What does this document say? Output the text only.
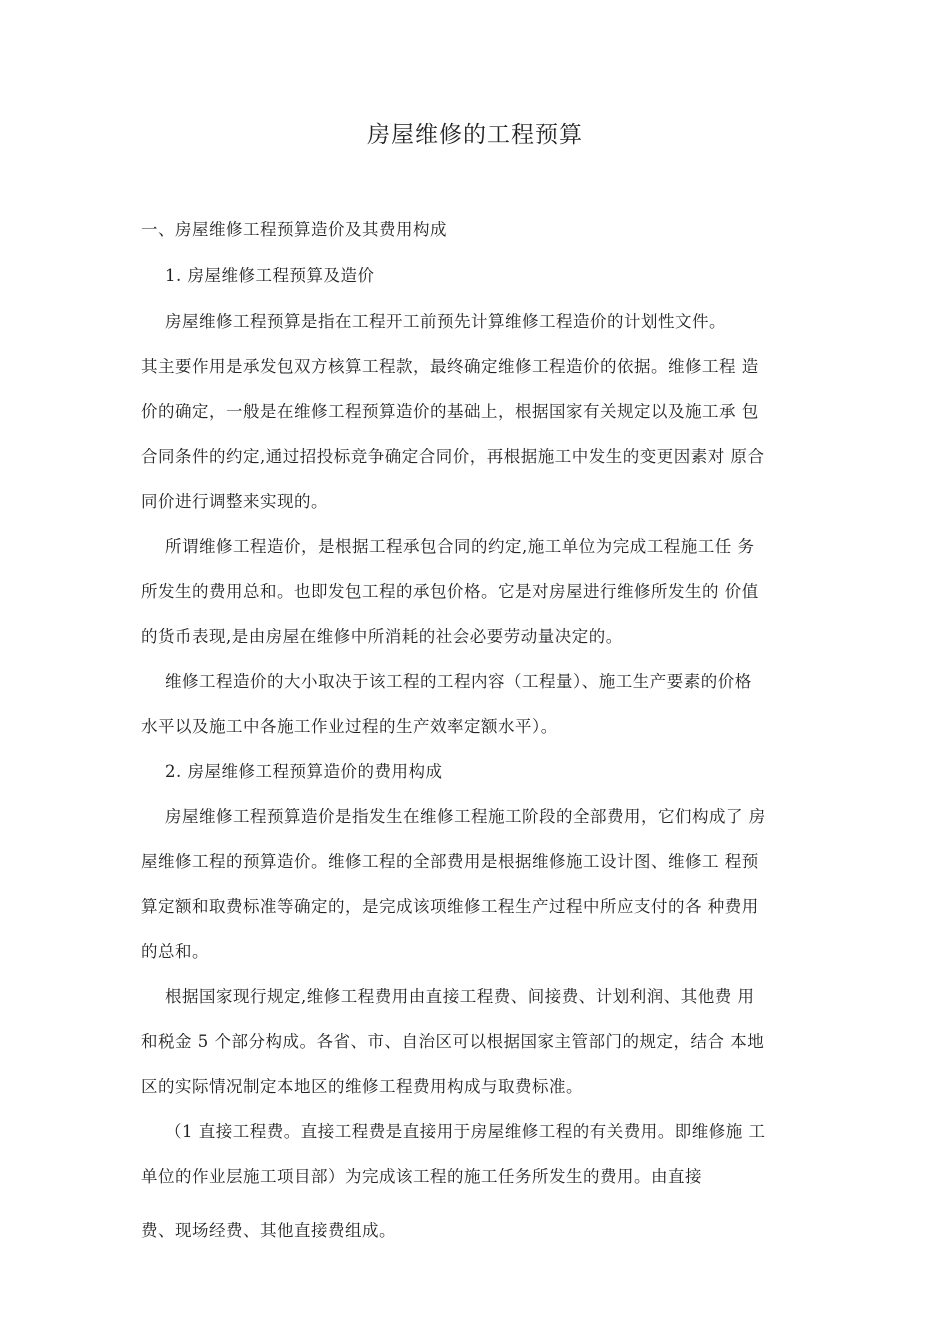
房屋维修的工程预算
一、房屋维修工程预算造价及其费用构成
1. 房屋维修工程预算及造价
房屋维修工程预算是指在工程开工前预先计算维修工程造价的计划性文件。
其主要作用是承发包双方核算工程款，最终确定维修工程造价的依据。维修工程 造
价的确定，一般是在维修工程预算造价的基础上，根据国家有关规定以及施工承 包
合同条件的约定,通过招投标竞争确定合同价，再根据施工中发生的变更因素对 原合
同价进行调整来实现的。
所谓维修工程造价，是根据工程承包合同的约定,施工单位为完成工程施工任 务
所发生的费用总和。也即发包工程的承包价格。它是对房屋进行维修所发生的 价值
的货币表现,是由房屋在维修中所消耗的社会必要劳动量决定的。
维修工程造价的大小取决于该工程的工程内容（工程量）、施工生产要素的价格
水平以及施工中各施工作业过程的生产效率定额水平）。
2. 房屋维修工程预算造价的费用构成
房屋维修工程预算造价是指发生在维修工程施工阶段的全部费用，它们构成了 房
屋维修工程的预算造价。维修工程的全部费用是根据维修施工设计图、维修工 程预
算定额和取费标准等确定的，是完成该项维修工程生产过程中所应支付的各 种费用
的总和。
根据国家现行规定,维修工程费用由直接工程费、间接费、计划利润、其他费 用
和税金 5 个部分构成。各省、市、自治区可以根据国家主管部门的规定，结合 本地
区的实际情况制定本地区的维修工程费用构成与取费标准。
（1 直接工程费。直接工程费是直接用于房屋维修工程的有关费用。即维修施 工
单位的作业层施工项目部）为完成该工程的施工任务所发生的费用。由直接
费、现场经费、其他直接费组成。
